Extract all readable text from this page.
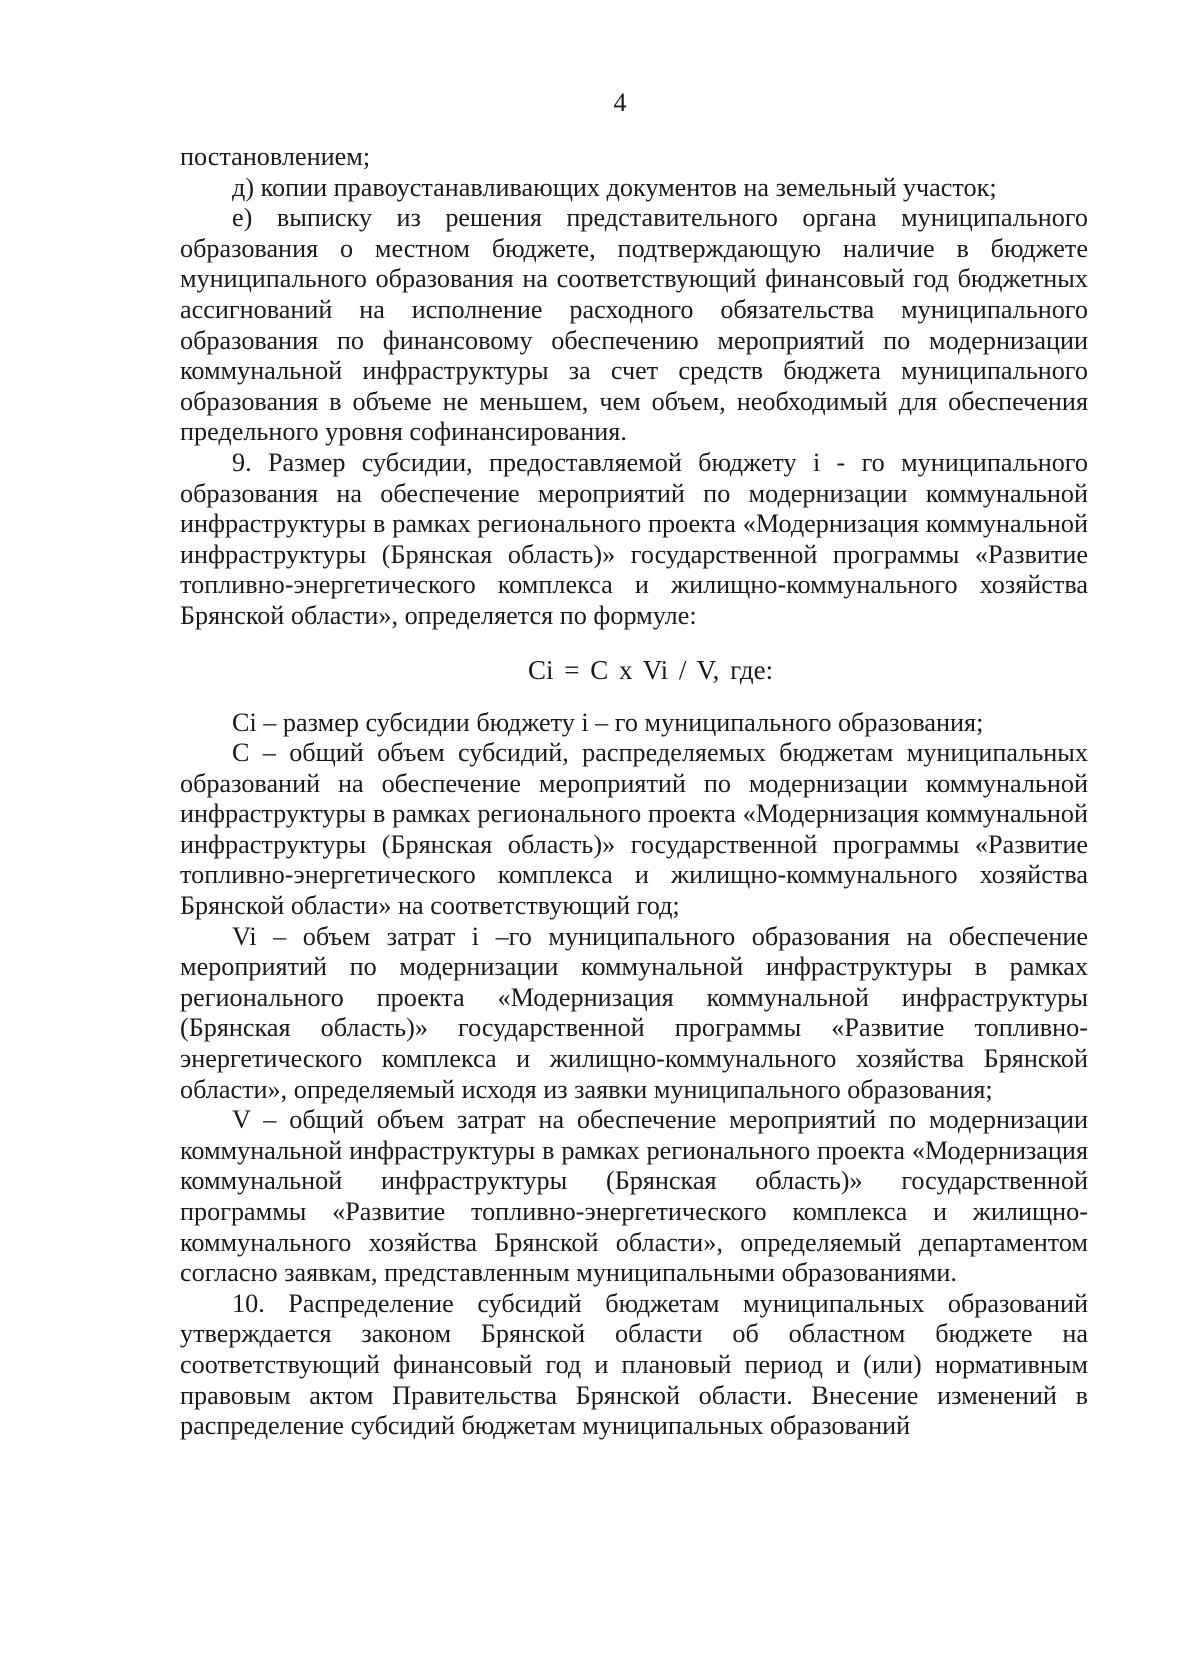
4

постановлением;

д) копии правоустанавливающих документов на земельный участок;

е) выписку из решения представительного органа муниципального образования о местном бюджете, подтверждающую наличие в бюджете муниципального образования на соответствующий финансовый год бюджетных ассигнований на исполнение расходного обязательства муниципального образования по финансовому обеспечению мероприятий по модернизации коммунальной инфраструктуры за счет средств бюджета муниципального образования в объеме не меньшем, чем объем, необходимый для обеспечения предельного уровня софинансирования.

9. Размер субсидии, предоставляемой бюджету i - го муниципального образования на обеспечение мероприятий по модернизации коммунальной инфраструктуры в рамках регионального проекта «Модернизация коммунальной инфраструктуры (Брянская область)» государственной программы «Развитие топливно-энергетического комплекса и жилищно-коммунального хозяйства Брянской области», определяется по формуле:

Ci = C x Vi / V, где:

Ci – размер субсидии бюджету i – го муниципального образования;

C – общий объем субсидий, распределяемых бюджетам муниципальных образований на обеспечение мероприятий по модернизации коммунальной инфраструктуры в рамках регионального проекта «Модернизация коммунальной инфраструктуры (Брянская область)» государственной программы «Развитие топливно-энергетического комплекса и жилищно-коммунального хозяйства Брянской области» на соответствующий год;

Vi – объем затрат i –го муниципального образования на обеспечение мероприятий по модернизации коммунальной инфраструктуры в рамках регионального проекта «Модернизация коммунальной инфраструктуры (Брянская область)» государственной программы «Развитие топливно-энергетического комплекса и жилищно-коммунального хозяйства Брянской области», определяемый исходя из заявки муниципального образования;

V – общий объем затрат на обеспечение мероприятий по модернизации коммунальной инфраструктуры в рамках регионального проекта «Модернизация коммунальной инфраструктуры (Брянская область)» государственной программы «Развитие топливно-энергетического комплекса и жилищно-коммунального хозяйства Брянской области», определяемый департаментом согласно заявкам, представленным муниципальными образованиями.

10. Распределение субсидий бюджетам муниципальных образований утверждается законом Брянской области об областном бюджете на соответствующий финансовый год и плановый период и (или) нормативным правовым актом Правительства Брянской области. Внесение изменений в распределение субсидий бюджетам муниципальных образований
